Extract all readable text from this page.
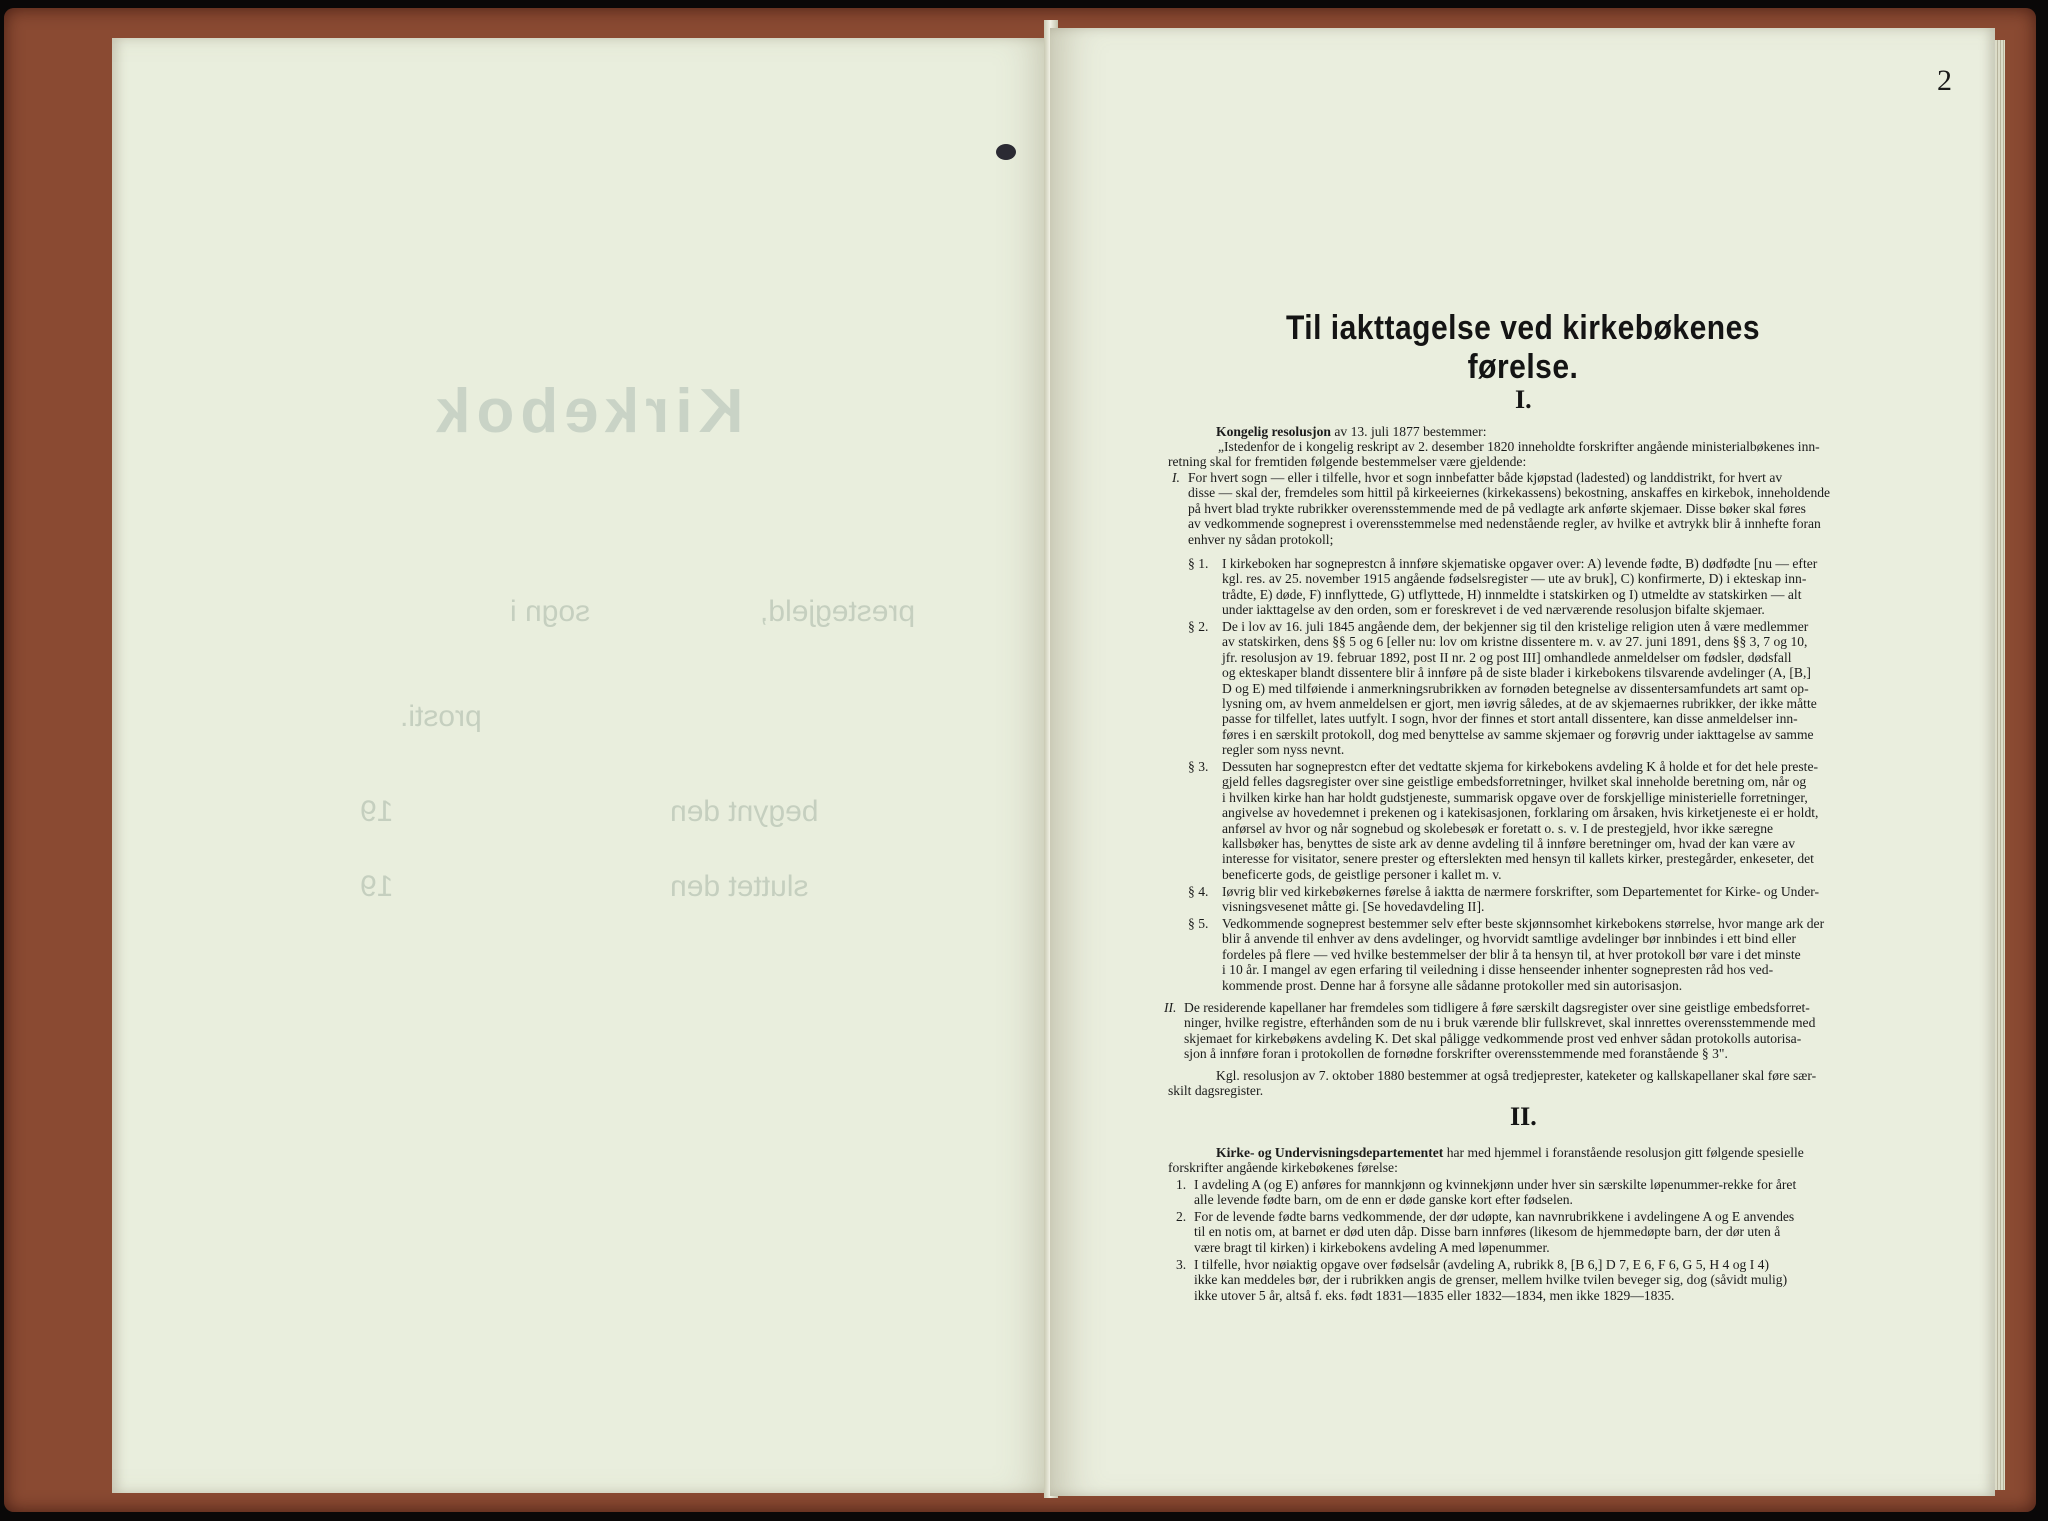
Kirkebok
sogn i	prestegjeld,
prosti.
begynt den
19
sluttet den
19
2
Til iakttagelse ved kirkebøkenes førelse.
I.
Kongelig resolusjon av 13. juli 1877 bestemmer:

„Istedenfor de i kongelig reskript av 2. desember 1820 inneholdte forskrifter angående ministerialbøkenes inn-

retning skal for fremtiden følgende bestemmelser være gjeldende:

I. For hvert sogn — eller i tilfelle, hvor et sogn innbefatter både kjøpstad (ladested) og landdistrikt, for hvert av

disse — skal der, fremdeles som hittil på kirkeeiernes (kirkekassens) bekostning, anskaffes en kirkebok, inneholdende

på hvert blad trykte rubrikker overensstemmende med de på vedlagte ark anførte skjemaer. Disse bøker skal føres

av vedkommende sogneprest i overensstemmelse med nedenstående regler, av hvilke et avtrykk blir å innhefte foran

enhver ny sådan protokoll;

§ 1. I kirkeboken har sogneprestcn å innføre skjematiske opgaver over: A) levende fødte, B) dødfødte [nu — efter

kgl. res. av 25. november 1915 angående fødselsregister — ute av bruk], C) konfirmerte, D) i ekteskap inn-

trådte, E) døde, F) innflyttede, G) utflyttede, H) innmeldte i statskirken og I) utmeldte av statskirken — alt

under iakttagelse av den orden, som er foreskrevet i de ved nærværende resolusjon bifalte skjemaer.

§ 2. De i lov av 16. juli 1845 angående dem, der bekjenner sig til den kristelige religion uten å være medlemmer

av statskirken, dens §§ 5 og 6 [eller nu: lov om kristne dissentere m. v. av 27. juni 1891, dens §§ 3, 7 og 10,

jfr. resolusjon av 19. februar 1892, post II nr. 2 og post III] omhandlede anmeldelser om fødsler, dødsfall

og ekteskaper blandt dissentere blir å innføre på de siste blader i kirkebokens tilsvarende avdelinger (A, [B,]

D og E) med tilføiende i anmerkningsrubrikken av fornøden betegnelse av dissentersamfundets art samt op-

lysning om, av hvem anmeldelsen er gjort, men iøvrig således, at de av skjemaernes rubrikker, der ikke måtte

passe for tilfellet, lates uutfylt. I sogn, hvor der finnes et stort antall dissentere, kan disse anmeldelser inn-

føres i en særskilt protokoll, dog med benyttelse av samme skjemaer og forøvrig under iakttagelse av samme

regler som nyss nevnt.

§ 3. Dessuten har sogneprestcn efter det vedtatte skjema for kirkebokens avdeling K å holde et for det hele preste-

gjeld felles dagsregister over sine geistlige embedsforretninger, hvilket skal inneholde beretning om, når og

i hvilken kirke han har holdt gudstjeneste, summarisk opgave over de forskjellige ministerielle forretninger,

angivelse av hovedemnet i prekenen og i katekisasjonen, forklaring om årsaken, hvis kirketjeneste ei er holdt,

anførsel av hvor og når sognebud og skolebesøk er foretatt o. s. v. I de prestegjeld, hvor ikke særegne

kallsbøker has, benyttes de siste ark av denne avdeling til å innføre beretninger om, hvad der kan være av

interesse for visitator, senere prester og efterslekten med hensyn til kallets kirker, prestegårder, enkeseter, det

beneficerte gods, de geistlige personer i kallet m. v.

§ 4. Iøvrig blir ved kirkebøkernes førelse å iaktta de nærmere forskrifter, som Departementet for Kirke- og Under-

visningsvesenet måtte gi. [Se hovedavdeling II].

§ 5. Vedkommende sogneprest bestemmer selv efter beste skjønnsomhet kirkebokens størrelse, hvor mange ark der

blir å anvende til enhver av dens avdelinger, og hvorvidt samtlige avdelinger bør innbindes i ett bind eller

fordeles på flere — ved hvilke bestemmelser der blir å ta hensyn til, at hver protokoll bør vare i det minste

i 10 år. I mangel av egen erfaring til veiledning i disse henseender inhenter sognepresten råd hos ved-

kommende prost. Denne har å forsyne alle sådanne protokoller med sin autorisasjon.

II. De residerende kapellaner har fremdeles som tidligere å føre særskilt dagsregister over sine geistlige embedsforret-

ninger, hvilke registre, efterhånden som de nu i bruk værende blir fullskrevet, skal innrettes overensstemmende med

skjemaet for kirkebøkens avdeling K. Det skal påligge vedkommende prost ved enhver sådan protokolls autorisa-

sjon å innføre foran i protokollen de fornødne forskrifter overensstemmende med foranstående § 3".

Kgl. resolusjon av 7. oktober 1880 bestemmer at også tredjeprester, kateketer og kallskapellaner skal føre sær-

skilt dagsregister.

II.
Kirke- og Undervisningsdepartementet har med hjemmel i foranstående resolusjon gitt følgende spesielle

forskrifter angående kirkebøkenes førelse:

1. I avdeling A (og E) anføres for mannkjønn og kvinnekjønn under hver sin særskilte løpenummer-rekke for året

alle levende fødte barn, om de enn er døde ganske kort efter fødselen.

2. For de levende fødte barns vedkommende, der dør udøpte, kan navnrubrikkene i avdelingene A og E anvendes

til en notis om, at barnet er død uten dåp. Disse barn innføres (likesom de hjemmedøpte barn, der dør uten å

være bragt til kirken) i kirkebokens avdeling A med løpenummer.

3. I tilfelle, hvor nøiaktig opgave over fødselsår (avdeling A, rubrikk 8, [B 6,] D 7, E 6, F 6, G 5, H 4 og I 4)

ikke kan meddeles bør, der i rubrikken angis de grenser, mellem hvilke tvilen beveger sig, dog (såvidt mulig)

ikke utover 5 år, altså f. eks. født 1831—1835 eller 1832—1834, men ikke 1829—1835.
